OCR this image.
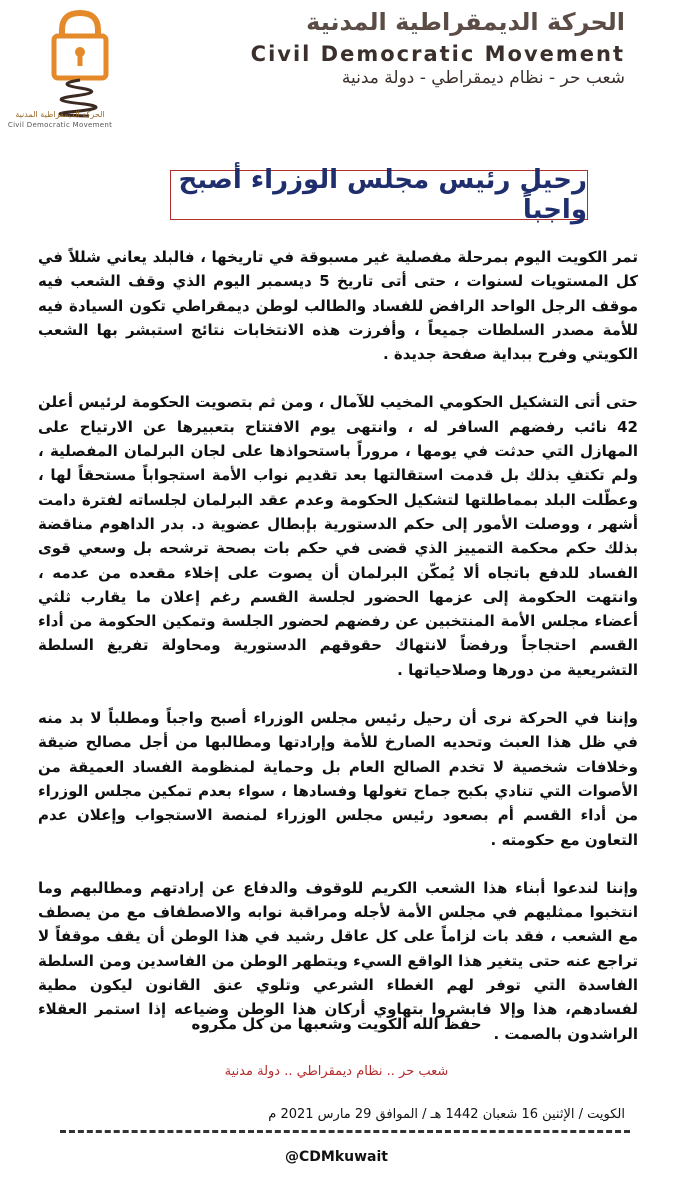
الحركة الديمقراطية المدنية
Civil Democratic Movement
الحركة الديمقراطية المدنية
Civil Democratic Movement
شعب حر - نظام ديمقراطي - دولة مدنية
رحيل رئيس مجلس الوزراء أصبح واجباً

تمر الكويت اليوم بمرحلة مفصلية غير مسبوقة في تاريخها ، فالبلد يعاني شللاً في كل المستويات لسنوات ، حتى أتى تاريخ 5 ديسمبر اليوم الذي وقف الشعب فيه موقف الرجل الواحد الرافض للفساد والطالب لوطن ديمقراطي تكون السيادة فيه للأمة مصدر السلطات جميعاً ، وأفرزت هذه الانتخابات نتائج استبشر بها الشعب الكويتي وفرح ببداية صفحة جديدة .

حتى أتى التشكيل الحكومي المخيب للآمال ، ومن ثم بتصويت الحكومة لرئيس أعلن 42 نائب رفضهم السافر له ، وانتهى يوم الافتتاح بتعبيرها عن الارتياح على المهازل التي حدثت في يومها ، مروراً باستحواذها على لجان البرلمان المفصلية ، ولم تكتفِ بذلك بل قدمت استقالتها بعد تقديم نواب الأمة استجواباً مستحقاً لها ، وعطّلت البلد بمماطلتها لتشكيل الحكومة وعدم عقد البرلمان لجلساته لفترة دامت أشهر ، ووصلت الأمور إلى حكم الدستورية بإبطال عضوية د. بدر الداهوم مناقضة بذلك حكم محكمة التمييز الذي قضى في حكم بات بصحة ترشحه بل وسعي قوى الفساد للدفع باتجاه ألا يُمكّن البرلمان أن يصوت على إخلاء مقعده من عدمه ، وانتهت الحكومة إلى عزمها الحضور لجلسة القسم رغم إعلان ما يقارب ثلثي أعضاء مجلس الأمة المنتخبين عن رفضهم لحضور الجلسة وتمكين الحكومة من أداء القسم احتجاجاً ورفضاً لانتهاك حقوقهم الدستورية ومحاولة تفريغ السلطة التشريعية من دورها وصلاحياتها .

وإننا في الحركة نرى أن رحيل رئيس مجلس الوزراء أصبح واجباً ومطلباً لا بد منه في ظل هذا العبث وتحديه الصارخ للأمة وإرادتها ومطالبها من أجل مصالح ضيقة وخلافات شخصية لا تخدم الصالح العام بل وحماية لمنظومة الفساد العميقة من الأصوات التي تنادي بكبح جماح تغولها وفسادها ، سواء بعدم تمكين مجلس الوزراء من أداء القسم أم بصعود رئيس مجلس الوزراء لمنصة الاستجواب وإعلان عدم التعاون مع حكومته .

وإننا لندعوا أبناء هذا الشعب الكريم للوقوف والدفاع عن إرادتهم ومطالبهم وما انتخبوا ممثليهم في مجلس الأمة لأجله ومراقبة نوابه والاصطفاف مع من يصطف مع الشعب ، فقد بات لزاماً على كل عاقل رشيد في هذا الوطن أن يقف موقفاً لا تراجع عنه حتى يتغير هذا الواقع السيء ويتطهر الوطن من الفاسدين ومن السلطة الفاسدة التي توفر لهم الغطاء الشرعي وتلوي عنق القانون ليكون مطية لفسادهم، هذا وإلا فابشروا بتهاوي أركان هذا الوطن وضياعه إذا استمر العقلاء الراشدون بالصمت .

حفظ الله الكويت وشعبها من كل مكروه
شعب حر .. نظام ديمقراطي .. دولة مدنية
الكويت / الإثنين 16 شعبان 1442 هـ / الموافق 29 مارس 2021 م
@CDMkuwait
